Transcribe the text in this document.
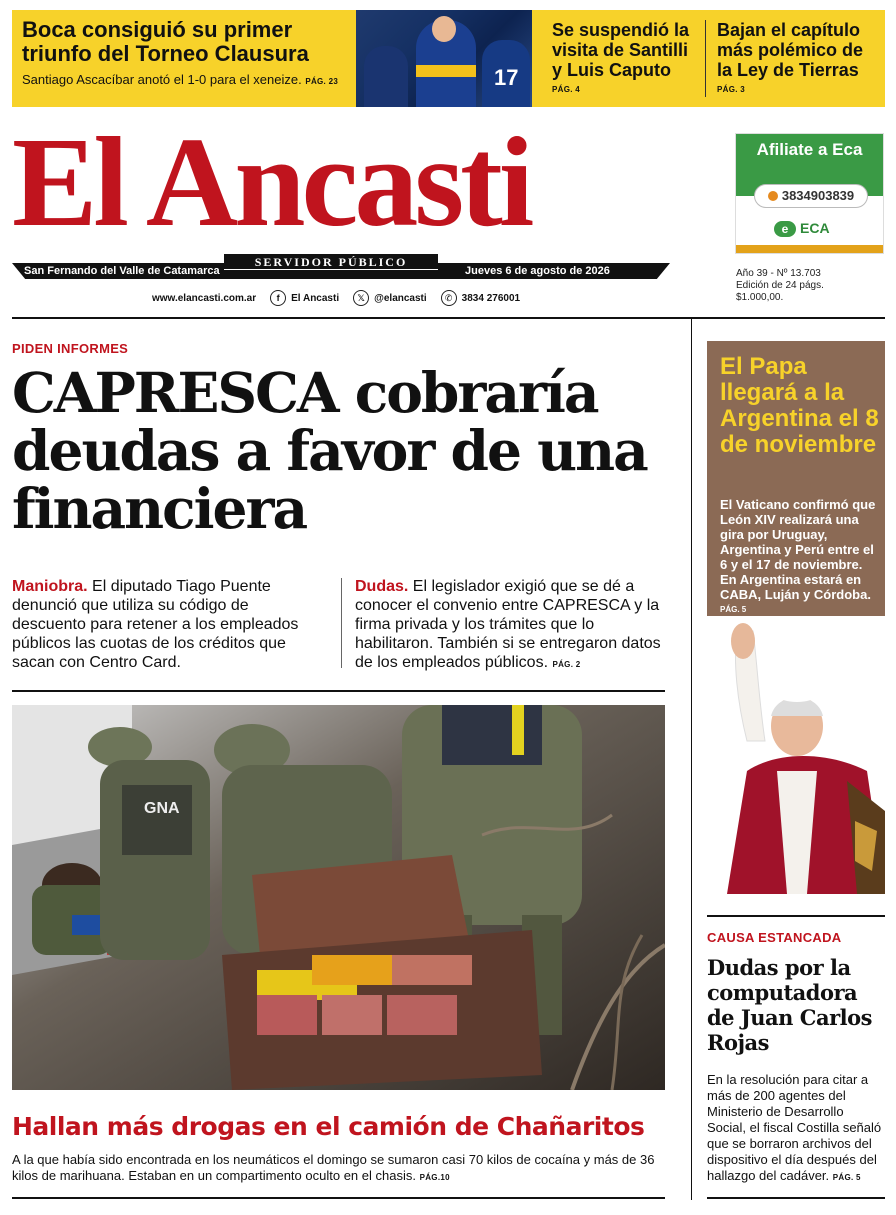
Boca consiguió su primer triunfo del Torneo Clausura

Santiago Ascacíbar anotó el 1-0 para el xeneize. PÁG. 23	17
Se suspendió la visita de Santilli y Luis Caputo
PÁG. 4
Bajan el capítulo más polémico de la Ley de Tierras
PÁG. 3
El Ancasti
SERVIDOR PÚBLICO
San Fernando del Valle de Catamarca	Jueves 6 de agosto de 2026
www.elancasti.com.ar	f	El Ancasti	𝕏 @elancasti	✆ 3834 276001
Afiliate a Eca
3834903839
e ECA
Año 39 - Nº 13.703
Edición de 24 págs.
$1.000,00.
PIDEN INFORMES
CAPRESCA cobraría deudas a favor de una financiera
Maniobra. El diputado Tiago Puente denunció que utiliza su código de descuento para retener a los empleados públicos las cuotas de los créditos que sacan con Centro Card.
Dudas. El legislador exigió que se dé a conocer el convenio entre CAPRESCA y la firma privada y los trámites que lo habilitaron. También si se entregaron datos de los empleados públicos. PÁG. 2
GNA
Hallan más drogas en el camión de Chañaritos

A la que había sido encontrada en los neumáticos el domingo se sumaron casi 70 kilos de cocaína y más de 36 kilos de marihuana. Estaban en un compartimento oculto en el chasis. PÁG.10

El Papa llegará a la Argentina el 8 de noviembre

El Vaticano confirmó que León XIV realizará una gira por Uruguay, Argentina y Perú entre el 6 y el 17 de noviembre. En Argentina estará en CABA, Luján y Córdoba.

PÁG. 5
CAUSA ESTANCADA
Dudas por la computadora de Juan Carlos Rojas

En la resolución para citar a más de 200 agentes del Ministerio de Desarrollo Social, el fiscal Costilla señaló que se borraron archivos del dispositivo el día después del hallazgo del cadáver. PÁG. 5
